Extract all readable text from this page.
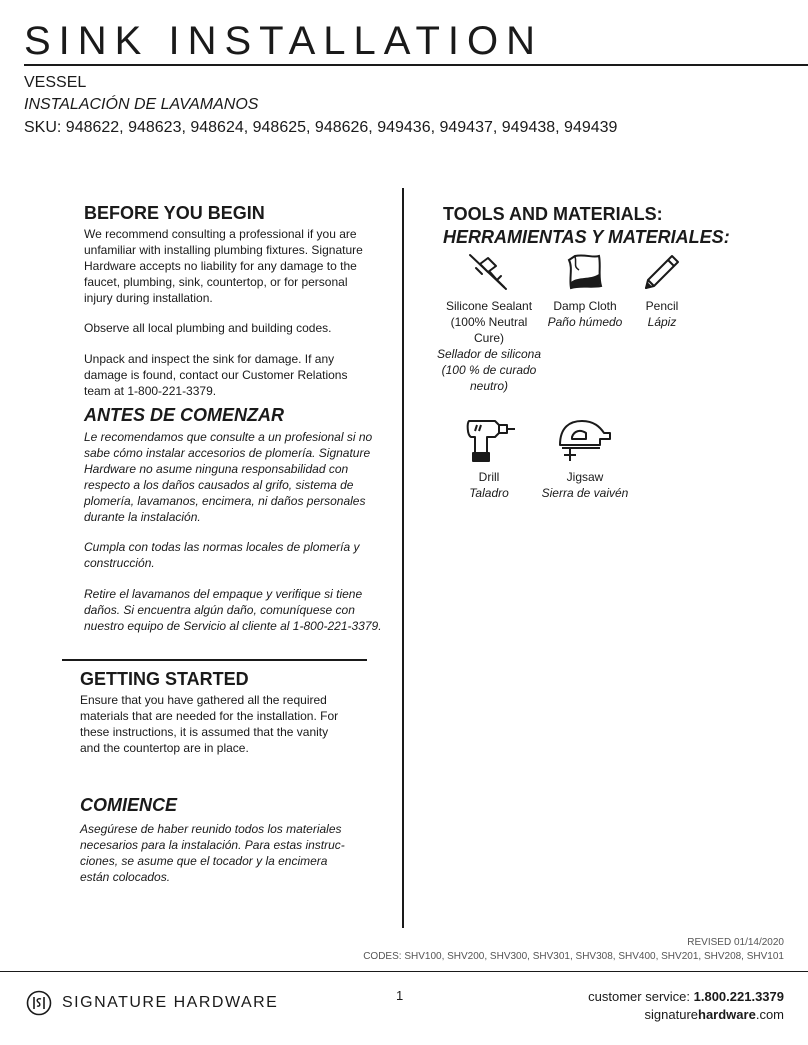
SINK INSTALLATION
VESSEL
INSTALACIÓN DE LAVAMANOS
SKU: 948622, 948623, 948624, 948625, 948626, 949436, 949437, 949438, 949439
BEFORE YOU BEGIN

We recommend consulting a professional if you are unfamiliar with installing plumbing fixtures. Signature Hardware accepts no liability for any damage to the faucet, plumbing, sink, countertop, or for personal injury during installation.

Observe all local plumbing and building codes.

Unpack and inspect the sink for damage. If any damage is found, contact our Customer Relations team at 1-800-221-3379.

ANTES DE COMENZAR

Le recomendamos que consulte a un profesional si no sabe cómo instalar accesorios de plomería. Signature Hardware no asume ninguna responsabilidad con respecto a los daños causados al grifo, sistema de plomería, lavamanos, encimera, ni daños personales durante la instalación.

Cumpla con todas las normas locales de plomería y construcción.

Retire el lavamanos del empaque y verifique si tiene daños. Si encuentra algún daño, comuníquese con nuestro equipo de Servicio al cliente al 1-800-221-3379.

GETTING STARTED

Ensure that you have gathered all the required materials that are needed for the installation. For these instructions, it is assumed that the vanity and the countertop are in place.

COMIENCE

Asegúrese de haber reunido todos los materiales necesarios para la instalación. Para estas instruc-ciones, se asume que el tocador y la encimera están colocados.

TOOLS AND MATERIALS:
HERRAMIENTAS Y MATERIALES:
Silicone Sealant (100% Neutral Cure)
Sellador de silicona (100 % de curado neutro)
Damp Cloth
Paño húmedo
Pencil
Lápiz
Drill
Taladro
Jigsaw
Sierra de vaivén
REVISED 01/14/2020
CODES: SHV100, SHV200, SHV300, SHV301, SHV308, SHV400, SHV201, SHV208, SHV101
SIGNATURE HARDWARE	1	customer service: 1.800.221.3379
signaturehardware.com
